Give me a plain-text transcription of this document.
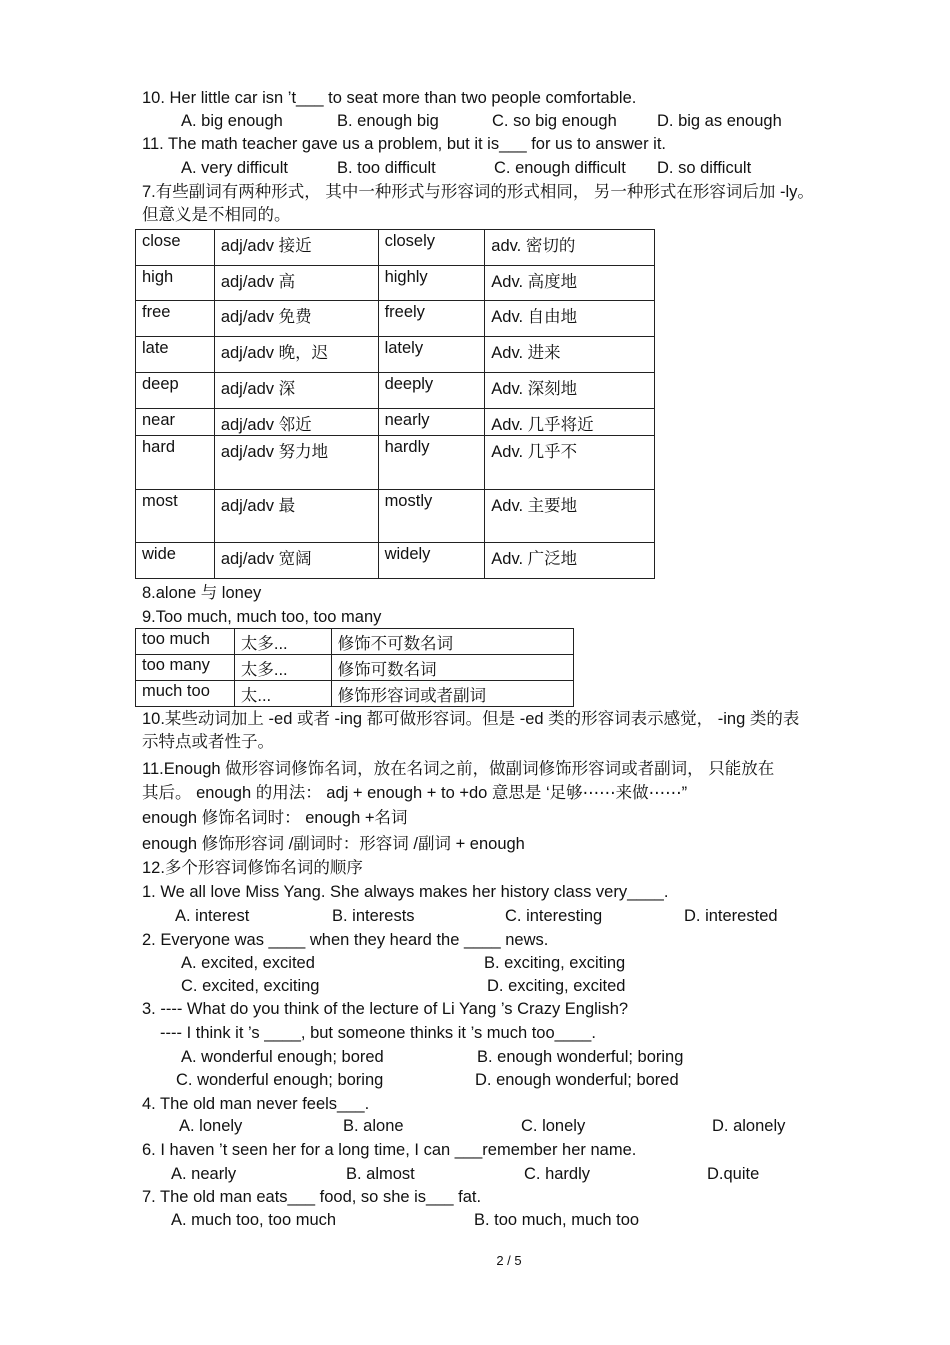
10. Her little car isn ’t___ to seat more than two people comfortable.
A. big enough	B. enough big	C. so big enough D. big as enough
11. The math teacher gave us a problem, but it is___ for us to answer it.
A. very difficult	B. too difficult	C. enough difficult D. so difficult
7.有些副词有两种形式， 其中一种形式与形容词的形式相同， 另一种形式在形容词后加 -ly。
但意义是不相同的。
close	adj/adv 接近	closely	adv. 密切的
high	adj/adv 高	highly	Adv. 高度地
free	adj/adv 免费	freely	Adv. 自由地
late	adj/adv 晚，迟	lately	Adv. 进来
deep	adj/adv 深	deeply	Adv. 深刻地
near	adj/adv 邻近	nearly	Adv. 几乎将近
hard	adj/adv 努力地	hardly	Adv. 几乎不
most	adj/adv 最	mostly	Adv. 主要地
wide	adj/adv 宽阔	widely	Adv. 广泛地
8.alone 与 loney
9.Too much, much too, too many
too much	太多...	修饰不可数名词
too many	太多...	修饰可数名词
much too	太...	修饰形容词或者副词
10.某些动词加上 -ed 或者 -ing 都可做形容词。但是 -ed 类的形容词表示感觉， -ing 类的表
示特点或者性子。
11.Enough 做形容词修饰名词，放在名词之前，做副词修饰形容词或者副词， 只能放在
其后。 enough 的用法： adj + enough + to +do 意思是 ‘足够⋯⋯来做⋯⋯”
enough 修饰名词时： enough +名词
enough 修饰形容词 /副词时：形容词 /副词 + enough
12.多个形容词修饰名词的顺序
1. We all love Miss Yang. She always makes her history class very____.
A. interest	B. interests	C. interesting	D. interested
2. Everyone was ____ when they heard the ____ news.
A. excited, excited	B. exciting, exciting
C. excited, exciting	D. exciting, excited
3. ---- What do you think of the lecture of Li Yang ’s Crazy English?
---- I think it ’s ____, but someone thinks it ’s much too____.
A. wonderful enough; bored	B. enough wonderful; boring
C. wonderful enough; boring	D. enough wonderful; bored
4. The old man never feels___.
A. lonely	B. alone	C. lonely	D. alonely
6. I haven ’t seen her for a long time, I can ___remember her name.
A. nearly	B. almost	C. hardly	D.quite
7. The old man eats___ food, so she is___ fat.
A. much too, too much	B. too much, much too
2 / 5
